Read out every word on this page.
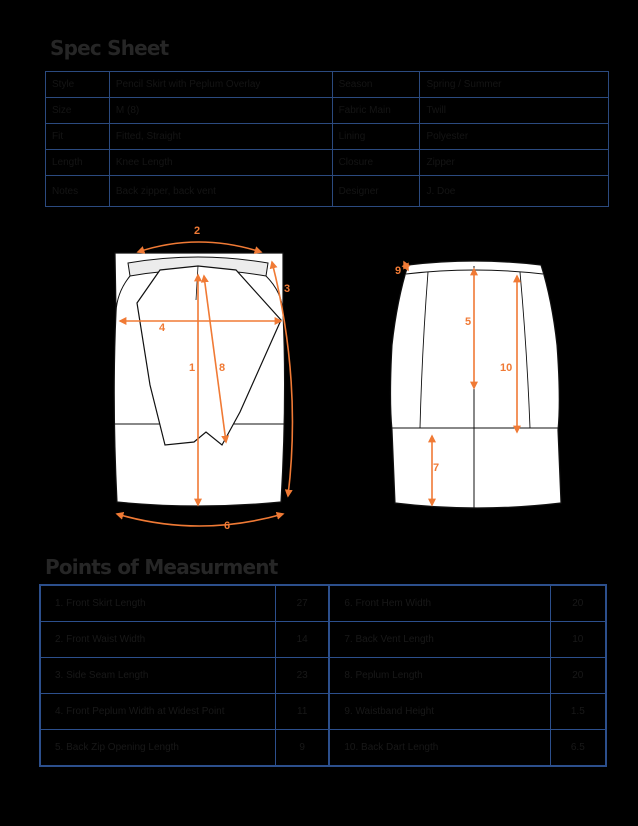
Spec Sheet
Style	Pencil Skirt with Peplum Overlay	Season	Spring / Summer
Size	M (8)	Fabric Main	Twill
Fit	Fitted, Straight	Lining	Polyester
Length	Knee Length	Closure	Zipper
Notes	Back zipper, back vent	Designer	J. Doe
2
3
4
1 8
6
9
5
10
7
Points of Measurment
1. Front Skirt Length	27	6. Front Hem Width	20
2. Front Waist Width	14	7. Back Vent Length	10
3. Side Seam Length	23	8. Peplum Length	20
4. Front Peplum Width at Widest Point	11	9. Waistband Height	1.5
5. Back Zip Opening Length	9	10. Back Dart Length	6.5
